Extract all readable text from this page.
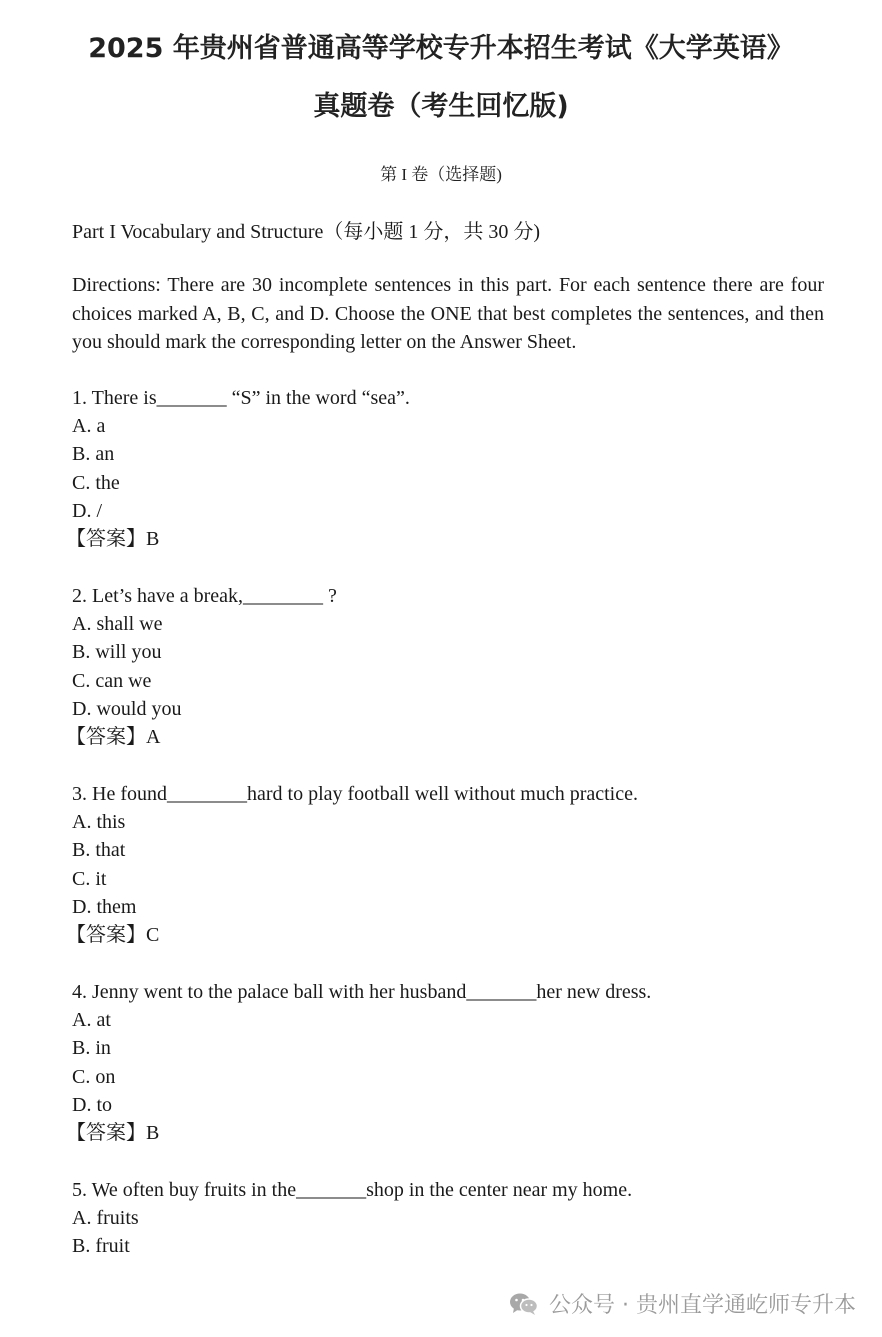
2025 年贵州省普通高等学校专升本招生考试《大学英语》
真题卷（考生回忆版)
第 I 卷（选择题)
Part I Vocabulary and Structure（每小题 1 分，共 30 分)
Directions: There are 30 incomplete sentences in this part. For each sentence there are four choices marked A, B, C, and D. Choose the ONE that best completes the sentences, and then you should mark the corresponding letter on the Answer Sheet.
1. There is_______ “S” in the word “sea”.
A. a
B. an
C. the
D. /
【答案】B
2. Let’s have a break,________ ?
A. shall we
B. will you
C. can we
D. would you
【答案】A
3. He found________hard to play football well without much practice.
A. this
B. that
C. it
D. them
【答案】C
4. Jenny went to the palace ball with her husband_______her new dress.
A. at
B. in
C. on
D. to
【答案】B
5. We often buy fruits in the_______shop in the center near my home.
A. fruits
B. fruit
公众号 · 贵州直学通屹师专升本
